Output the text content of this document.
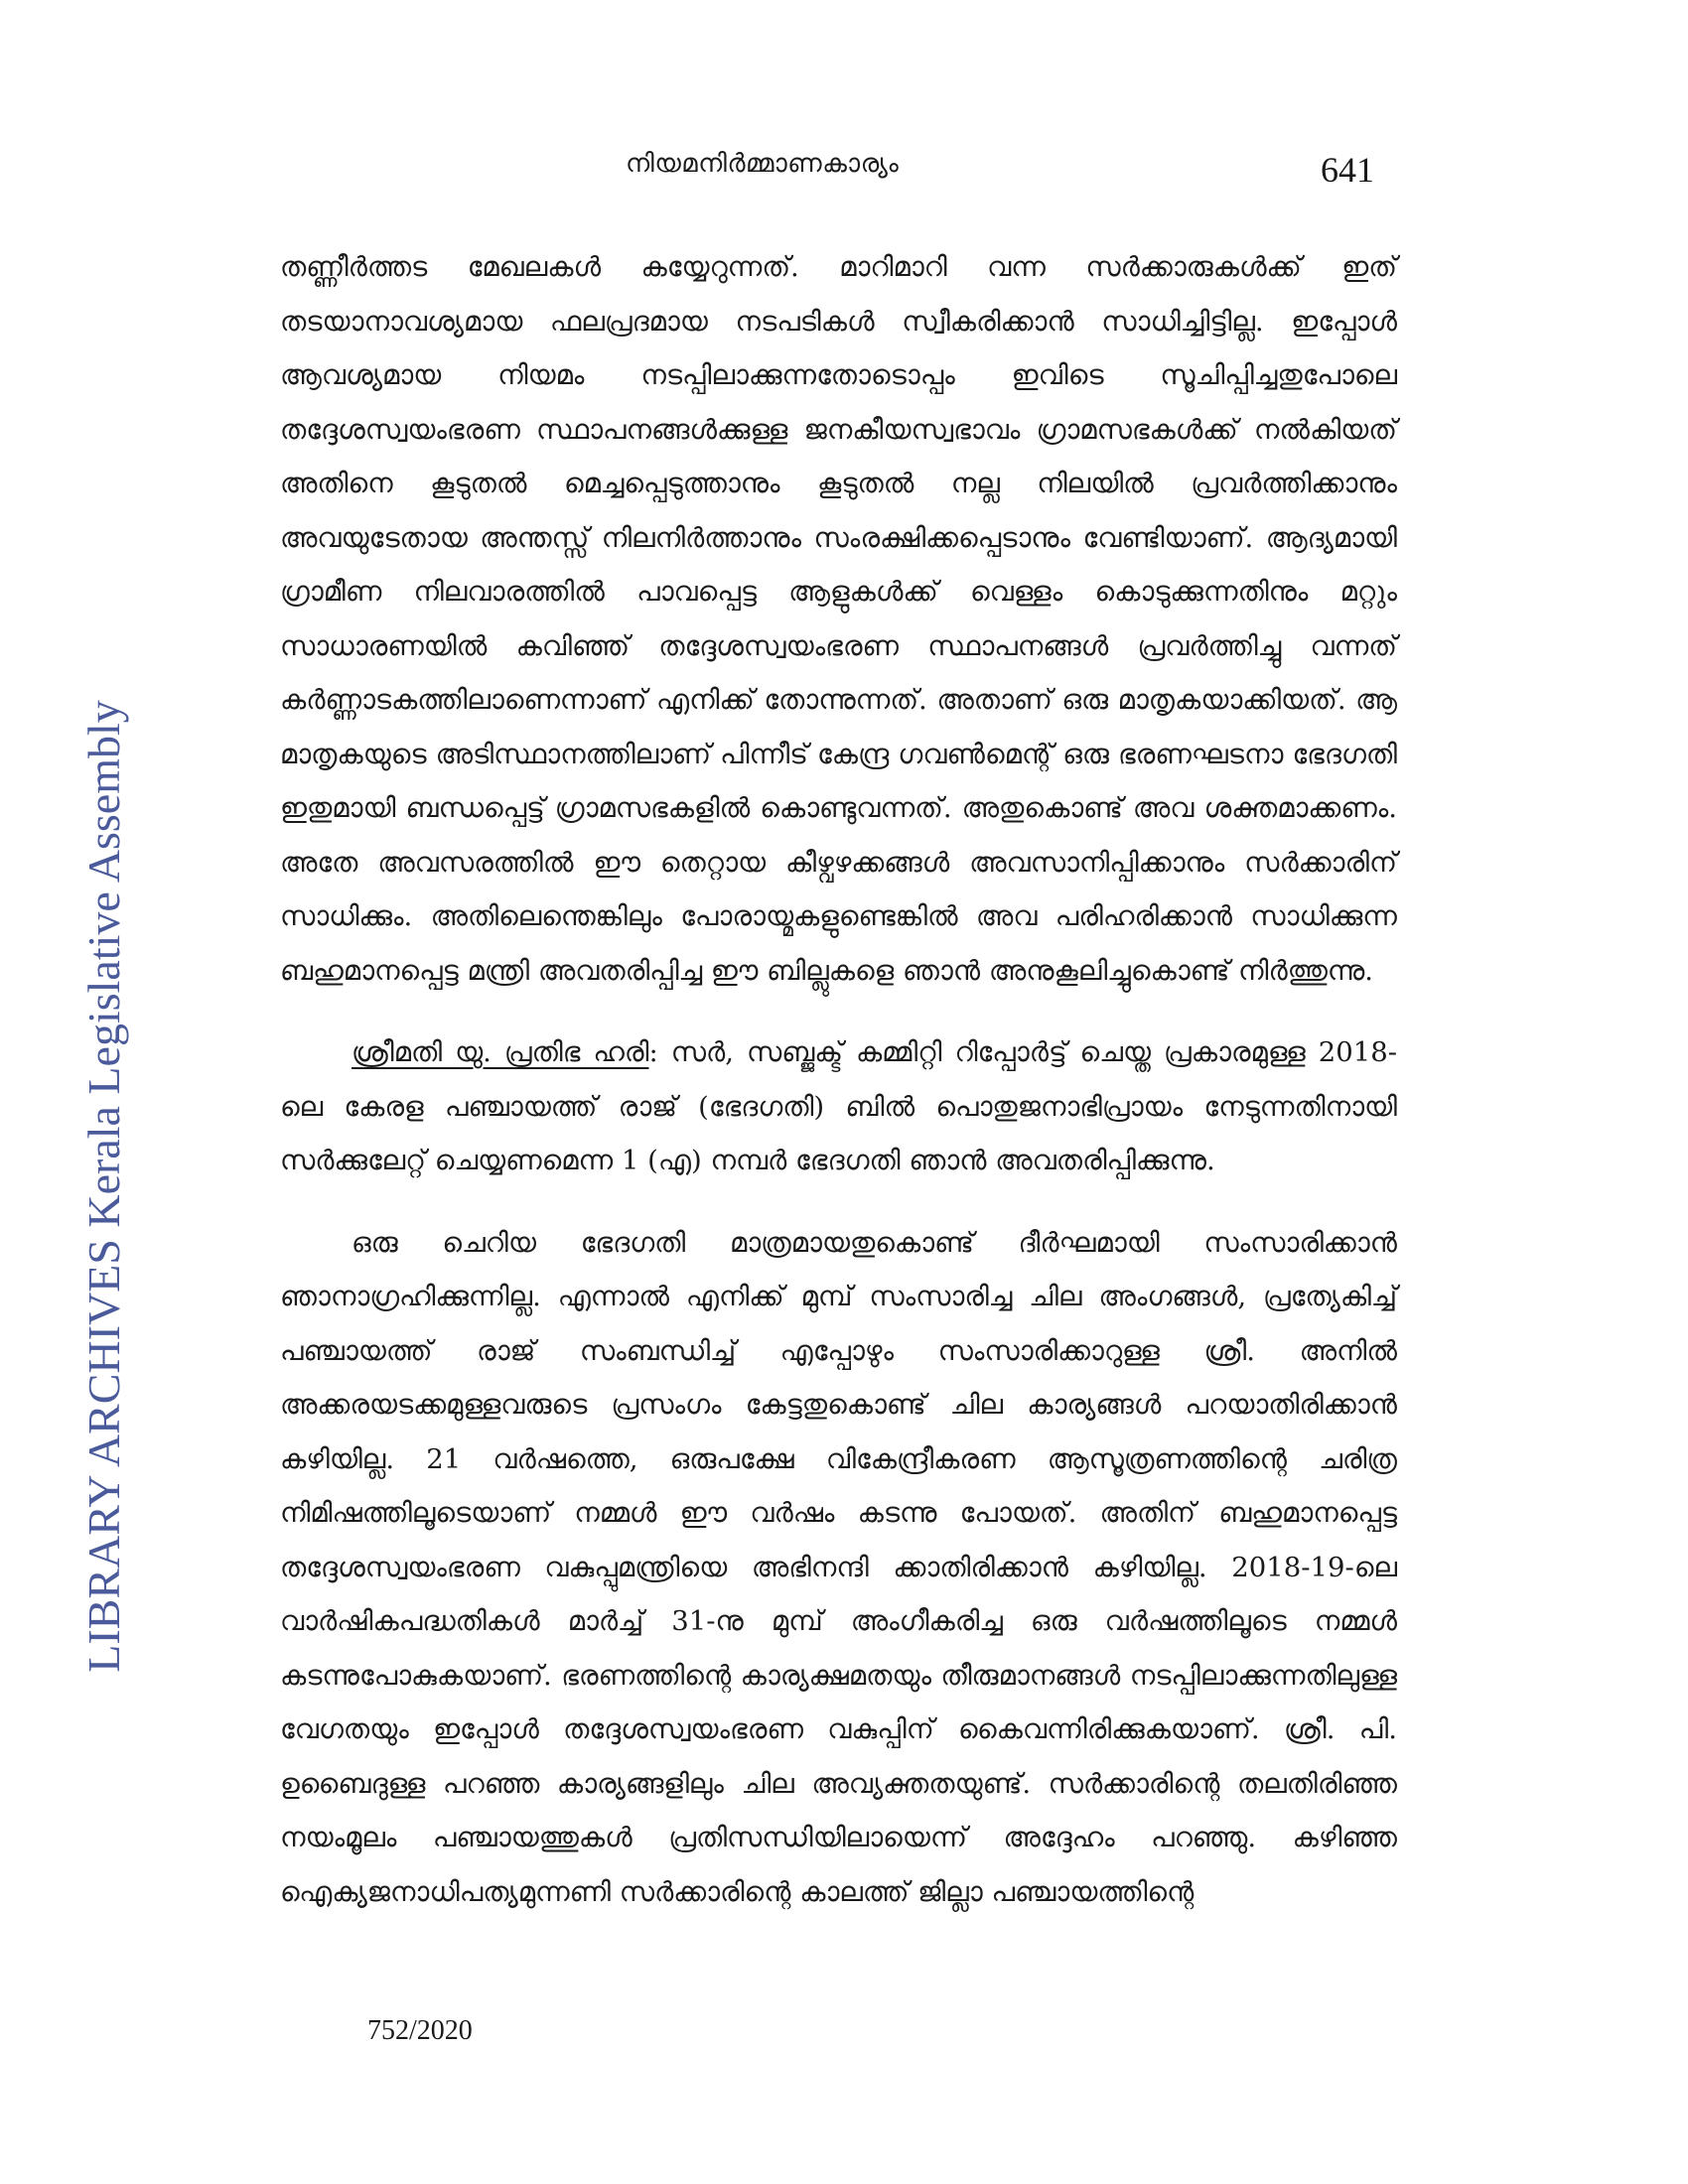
നിയമനിർമ്മാണകാര്യം	641
LIBRARY ARCHIVES Kerala Legislative Assembly

തണ്ണീർത്തട മേഖലകൾ കയ്യേറുന്നത്. മാറിമാറി വന്ന സർക്കാരുകൾക്ക് ഇത് തടയാനാവശ്യമായ ഫലപ്രദമായ നടപടികൾ സ്വീകരിക്കാൻ സാധിച്ചിട്ടില്ല. ഇപ്പോൾ ആവശ്യമായ നിയമം നടപ്പിലാക്കുന്നതോടൊപ്പം ഇവിടെ സൂചിപ്പിച്ചതുപോലെ തദ്ദേശസ്വയംഭരണ സ്ഥാപനങ്ങൾക്കുള്ള ജനകീയസ്വഭാവം ഗ്രാമസഭകൾക്ക് നൽകിയത് അതിനെ കൂടുതൽ മെച്ചപ്പെടുത്താനും കൂടുതൽ നല്ല നിലയിൽ പ്രവർത്തിക്കാനും അവയുടേതായ അന്തസ്സ് നിലനിർത്താനും സംരക്ഷിക്കപ്പെടാനും വേണ്ടിയാണ്. ആദ്യമായി ഗ്രാമീണ നിലവാരത്തിൽ പാവപ്പെട്ട ആളുകൾക്ക് വെള്ളം കൊടുക്കുന്നതിനും മറ്റും സാധാരണയിൽ കവിഞ്ഞ് തദ്ദേശസ്വയംഭരണ സ്ഥാപനങ്ങൾ പ്രവർത്തിച്ചു വന്നത് കർണ്ണാടകത്തിലാണെന്നാണ് എനിക്ക് തോന്നുന്നത്. അതാണ് ഒരു മാതൃകയാക്കിയത്. ആ മാതൃകയുടെ അടിസ്ഥാനത്തിലാണ് പിന്നീട് കേന്ദ്ര ഗവൺമെന്റ് ഒരു ഭരണഘടനാ ഭേദഗതി ഇതുമായി ബന്ധപ്പെട്ട് ഗ്രാമസഭകളിൽ കൊണ്ടുവന്നത്. അതുകൊണ്ട് അവ ശക്തമാക്കണം. അതേ അവസരത്തിൽ ഈ തെറ്റായ കീഴ്വഴക്കങ്ങൾ അവസാനിപ്പിക്കാനും സർക്കാരിന് സാധിക്കും. അതിലെന്തെങ്കിലും പോരായ്മകളുണ്ടെങ്കിൽ അവ പരിഹരിക്കാൻ സാധിക്കുന്ന ബഹുമാനപ്പെട്ട മന്ത്രി അവതരിപ്പിച്ച ഈ ബില്ലുകളെ ഞാൻ അനുകൂലിച്ചുകൊണ്ട് നിർത്തുന്നു.

ശ്രീമതി യു. പ്രതിഭ ഹരി: സർ, സബ്ജക്ട് കമ്മിറ്റി റിപ്പോർട്ട് ചെയ്ത പ്രകാരമുള്ള 2018-ലെ കേരള പഞ്ചായത്ത് രാജ് (ഭേദഗതി) ബിൽ പൊതുജനാഭിപ്രായം നേടുന്നതിനായി സർക്കുലേറ്റ് ചെയ്യണമെന്ന 1 (എ) നമ്പർ ഭേദഗതി ഞാൻ അവതരിപ്പിക്കുന്നു.

ഒരു ചെറിയ ഭേദഗതി മാത്രമായതുകൊണ്ട് ദീർഘമായി സംസാരിക്കാൻ ഞാനാഗ്രഹിക്കുന്നില്ല. എന്നാൽ എനിക്ക് മുമ്പ് സംസാരിച്ച ചില അംഗങ്ങൾ, പ്രത്യേകിച്ച് പഞ്ചായത്ത് രാജ് സംബന്ധിച്ച് എപ്പോഴും സംസാരിക്കാറുള്ള ശ്രീ. അനിൽ അക്കരയടക്കമുള്ളവരുടെ പ്രസംഗം കേട്ടതുകൊണ്ട് ചില കാര്യങ്ങൾ പറയാതിരിക്കാൻ കഴിയില്ല. 21 വർഷത്തെ, ഒരുപക്ഷേ വികേന്ദ്രീകരണ ആസൂത്രണത്തിന്റെ ചരിത്ര നിമിഷത്തിലൂടെയാണ് നമ്മൾ ഈ വർഷം കടന്നു പോയത്. അതിന് ബഹുമാനപ്പെട്ട തദ്ദേശസ്വയംഭരണ വകുപ്പുമന്ത്രിയെ അഭിനന്ദി ക്കാതിരിക്കാൻ കഴിയില്ല. 2018-19-ലെ വാർഷികപദ്ധതികൾ മാർച്ച് 31-നു മുമ്പ് അംഗീകരിച്ച ഒരു വർഷത്തിലൂടെ നമ്മൾ കടന്നുപോകുകയാണ്. ഭരണത്തിന്റെ കാര്യക്ഷമതയും തീരുമാനങ്ങൾ നടപ്പിലാക്കുന്നതിലുള്ള വേഗതയും ഇപ്പോൾ തദ്ദേശസ്വയംഭരണ വകുപ്പിന് കൈവന്നിരിക്കുകയാണ്. ശ്രീ. പി. ഉബൈദുള്ള പറഞ്ഞ കാര്യങ്ങളിലും ചില അവ്യക്തതയുണ്ട്. സർക്കാരിന്റെ തലതിരിഞ്ഞ നയംമൂലം പഞ്ചായത്തുകൾ പ്രതിസന്ധിയിലായെന്ന് അദ്ദേഹം പറഞ്ഞു. കഴിഞ്ഞ ഐക്യജനാധിപത്യമുന്നണി സർക്കാരിന്റെ കാലത്ത് ജില്ലാ പഞ്ചായത്തിന്റെ

752/2020
